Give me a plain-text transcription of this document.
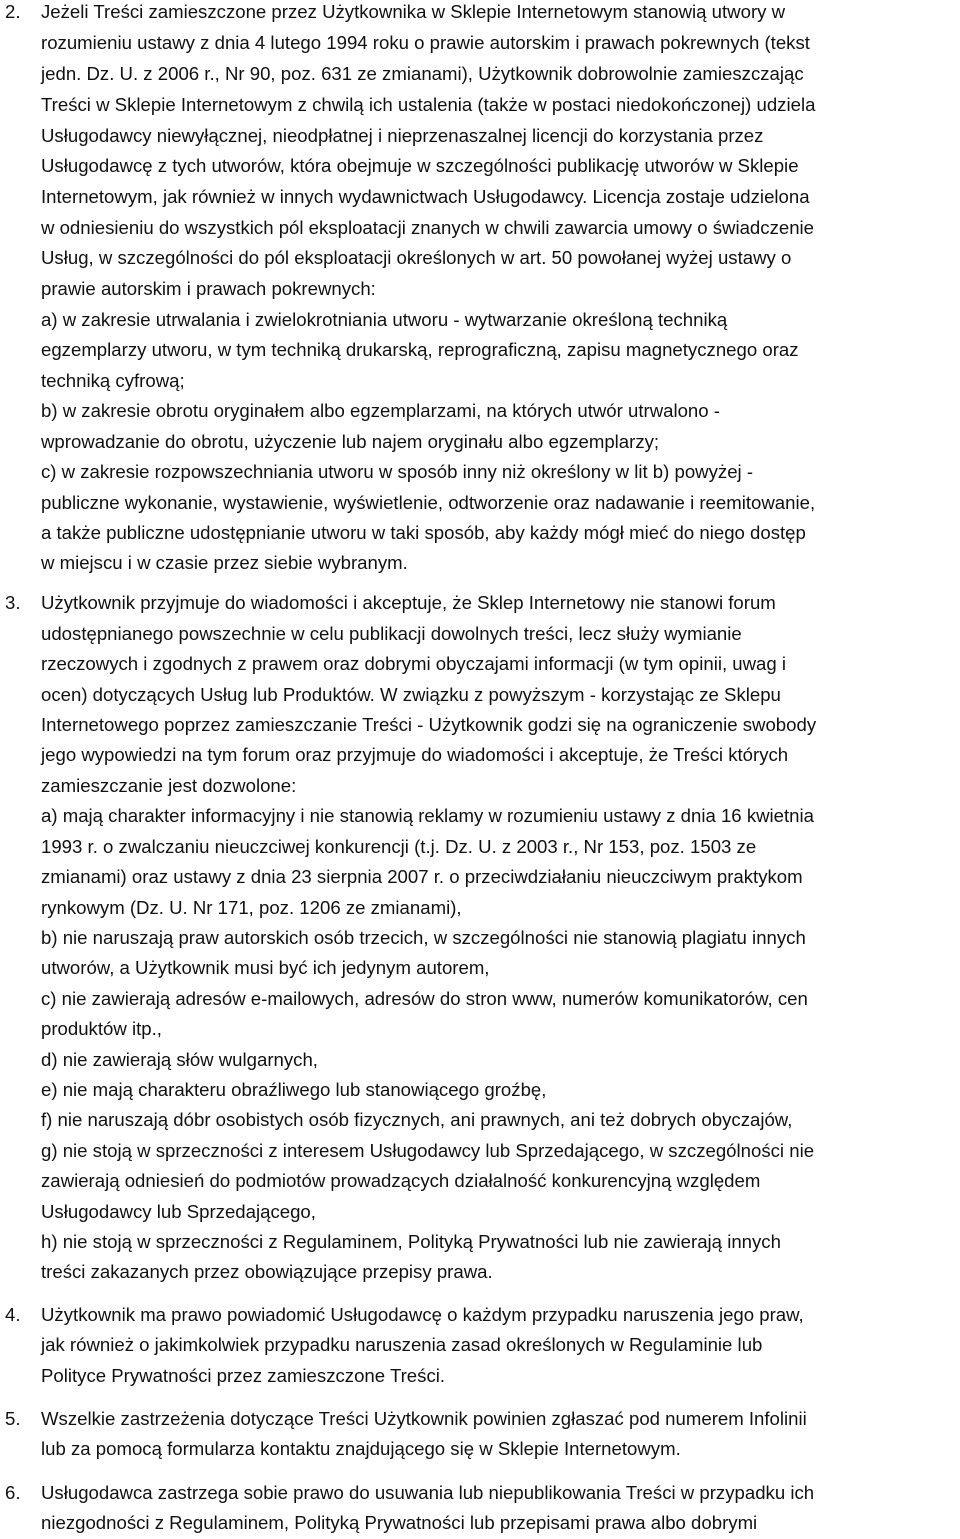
2. Jeżeli Treści zamieszczone przez Użytkownika w Sklepie Internetowym stanowią utwory w
rozumieniu ustawy z dnia 4 lutego 1994 roku o prawie autorskim i prawach pokrewnych (tekst
jedn. Dz. U. z 2006 r., Nr 90, poz. 631 ze zmianami), Użytkownik dobrowolnie zamieszczając
Treści w Sklepie Internetowym z chwilą ich ustalenia (także w postaci niedokończonej) udziela
Usługodawcy niewyłącznej, nieodpłatnej i nieprzenaszalnej licencji do korzystania przez
Usługodawcę z tych utworów, która obejmuje w szczególności publikację utworów w Sklepie
Internetowym, jak również w innych wydawnictwach Usługodawcy. Licencja zostaje udzielona
w odniesieniu do wszystkich pól eksploatacji znanych w chwili zawarcia umowy o świadczenie
Usług, w szczególności do pól eksploatacji określonych w art. 50 powołanej wyżej ustawy o
prawie autorskim i prawach pokrewnych:
a) w zakresie utrwalania i zwielokrotniania utworu - wytwarzanie określoną techniką
egzemplarzy utworu, w tym techniką drukarską, reprograficzną, zapisu magnetycznego oraz
techniką cyfrową;
b) w zakresie obrotu oryginałem albo egzemplarzami, na których utwór utrwalono -
wprowadzanie do obrotu, użyczenie lub najem oryginału albo egzemplarzy;
c) w zakresie rozpowszechniania utworu w sposób inny niż określony w lit b) powyżej -
publiczne wykonanie, wystawienie, wyświetlenie, odtworzenie oraz nadawanie i reemitowanie,
a także publiczne udostępnianie utworu w taki sposób, aby każdy mógł mieć do niego dostęp
w miejscu i w czasie przez siebie wybranym.
3. Użytkownik przyjmuje do wiadomości i akceptuje, że Sklep Internetowy nie stanowi forum
udostępnianego powszechnie w celu publikacji dowolnych treści, lecz służy wymianie
rzeczowych i zgodnych z prawem oraz dobrymi obyczajami informacji (w tym opinii, uwag i
ocen) dotyczących Usług lub Produktów. W związku z powyższym - korzystając ze Sklepu
Internetowego poprzez zamieszczanie Treści - Użytkownik godzi się na ograniczenie swobody
jego wypowiedzi na tym forum oraz przyjmuje do wiadomości i akceptuje, że Treści których
zamieszczanie jest dozwolone:
a) mają charakter informacyjny i nie stanowią reklamy w rozumieniu ustawy z dnia 16 kwietnia
1993 r. o zwalczaniu nieuczciwej konkurencji (t.j. Dz. U. z 2003 r., Nr 153, poz. 1503 ze
zmianami) oraz ustawy z dnia 23 sierpnia 2007 r. o przeciwdziałaniu nieuczciwym praktykom
rynkowym (Dz. U. Nr 171, poz. 1206 ze zmianami),
b) nie naruszają praw autorskich osób trzecich, w szczególności nie stanowią plagiatu innych
utworów, a Użytkownik musi być ich jedynym autorem,
c) nie zawierają adresów e-mailowych, adresów do stron www, numerów komunikatorów, cen
produktów itp.,
d) nie zawierają słów wulgarnych,
e) nie mają charakteru obraźliwego lub stanowiącego groźbę,
f) nie naruszają dóbr osobistych osób fizycznych, ani prawnych, ani też dobrych obyczajów,
g) nie stoją w sprzeczności z interesem Usługodawcy lub Sprzedającego, w szczególności nie
zawierają odniesień do podmiotów prowadzących działalność konkurencyjną względem
Usługodawcy lub Sprzedającego,
h) nie stoją w sprzeczności z Regulaminem, Polityką Prywatności lub nie zawierają innych
treści zakazanych przez obowiązujące przepisy prawa.
4. Użytkownik ma prawo powiadomić Usługodawcę o każdym przypadku naruszenia jego praw,
jak również o jakimkolwiek przypadku naruszenia zasad określonych w Regulaminie lub
Polityce Prywatności przez zamieszczone Treści.
5. Wszelkie zastrzeżenia dotyczące Treści Użytkownik powinien zgłaszać pod numerem Infolinii
lub za pomocą formularza kontaktu znajdującego się w Sklepie Internetowym.
6. Usługodawca zastrzega sobie prawo do usuwania lub niepublikowania Treści w przypadku ich
niezgodności z Regulaminem, Polityką Prywatności lub przepisami prawa albo dobrymi
